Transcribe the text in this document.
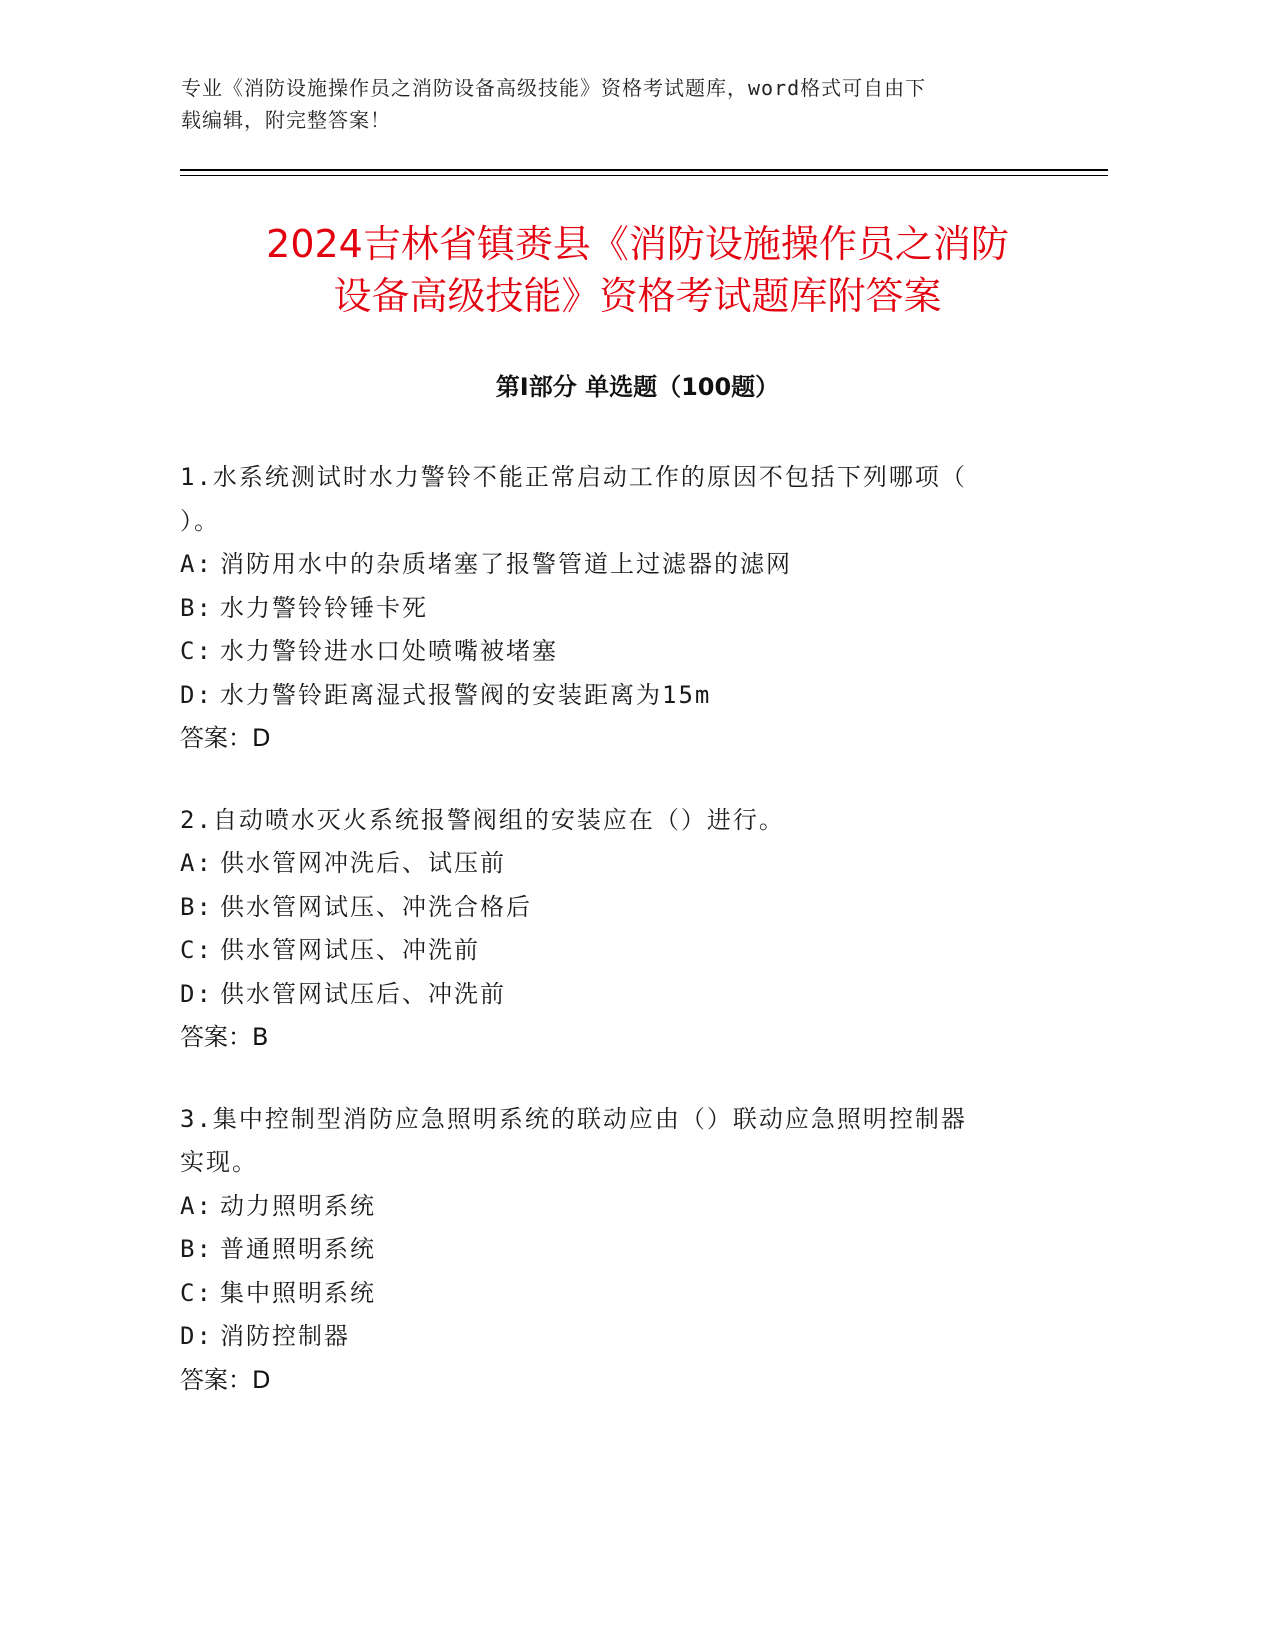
专业《消防设施操作员之消防设备高级技能》资格考试题库，word格式可自由下
载编辑，附完整答案！
2024吉林省镇赉县《消防设施操作员之消防
设备高级技能》资格考试题库附答案
第Ⅰ部分 单选题（100题）

1.水系统测试时水力警铃不能正常启动工作的原因不包括下列哪项（

）。

A: 消防用水中的杂质堵塞了报警管道上过滤器的滤网

B: 水力警铃铃锤卡死

C: 水力警铃进水口处喷嘴被堵塞

D: 水力警铃距离湿式报警阀的安装距离为15m

答案：D

2.自动喷水灭火系统报警阀组的安装应在（）进行。

A: 供水管网冲洗后、试压前

B: 供水管网试压、冲洗合格后

C: 供水管网试压、冲洗前

D: 供水管网试压后、冲洗前

答案：B

3.集中控制型消防应急照明系统的联动应由（）联动应急照明控制器

实现。

A: 动力照明系统

B: 普通照明系统

C: 集中照明系统

D: 消防控制器

答案：D
